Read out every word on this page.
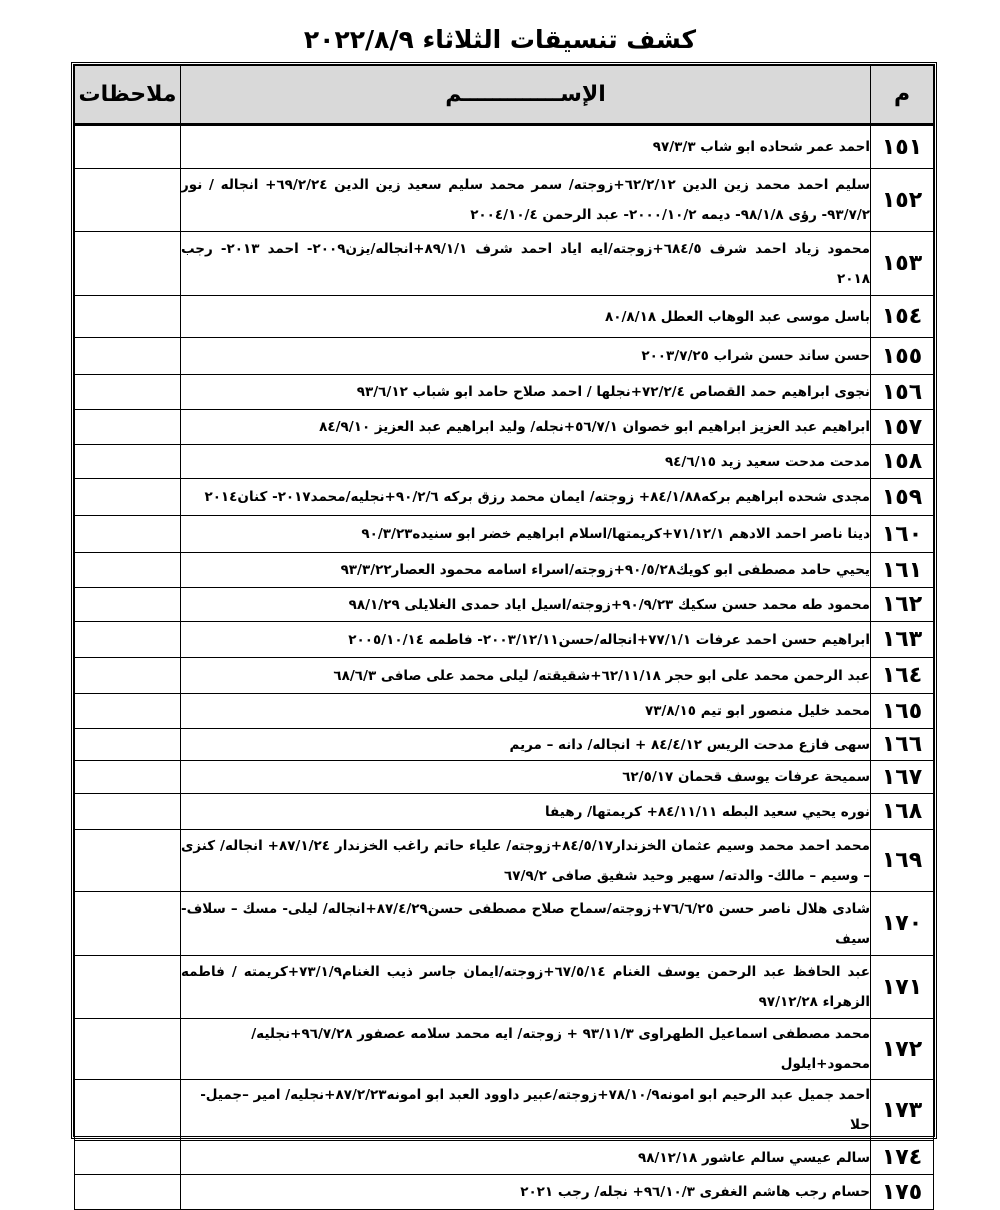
كشف تنسيقات الثلاثاء ٢٠٢٢/٨/٩
م	الإســـــــــــــم	ملاحظات
١٥١	احمد عمر شحاده ابو شاب ٩٧/٣/٣	
١٥٢	سليم احمد محمد زين الدين ٦٢/٢/١٢+زوجته/ سمر محمد سليم سعيد زين الدين ٦٩/٢/٢٤+ انجاله / نور ٩٣/٧/٢- رؤى ٩٨/١/٨- ديمه ٢٠٠٠/١٠/٢- عبد الرحمن ٢٠٠٤/١٠/٤	
١٥٣	محمود زياد احمد شرف ٦٨٤/٥+زوجته/ايه اياد احمد شرف ٨٩/١/١+انجاله/يزن٢٠٠٩- احمد ٢٠١٣- رجب ٢٠١٨	
١٥٤	باسل موسى عبد الوهاب العطل ٨٠/٨/١٨	
١٥٥	حسن ساند حسن شراب ٢٠٠٣/٧/٢٥	
١٥٦	نجوى ابراهيم حمد القصاص ٧٢/٢/٤+نجلها / احمد صلاح حامد ابو شباب ٩٣/٦/١٢	
١٥٧	ابراهيم عبد العزيز ابراهيم ابو خصوان ٥٦/٧/١+نجله/ وليد ابراهيم عبد العزيز ٨٤/٩/١٠	
١٥٨	مدحت مدحت سعيد زيد ٩٤/٦/١٥	
١٥٩	مجدى شحده ابراهيم بركه٨٤/١/٨٨+ زوجته/ ايمان محمد رزق بركه ٩٠/٢/٦+نجليه/محمد٢٠١٧- كنان٢٠١٤	
١٦٠	دينا ناصر احمد الادهم ٧١/١٢/١+كريمتها/اسلام ابراهيم خضر ابو سنيده٩٠/٣/٢٣	
١٦١	يحيي حامد مصطفى ابو كويك٩٠/٥/٢٨+زوجته/اسراء اسامه محمود العصار٩٣/٣/٢٢	
١٦٢	محمود طه محمد حسن سكيك ٩٠/٩/٢٣+زوجته/اسيل اياد حمدى الغلايلى ٩٨/١/٢٩	
١٦٣	ابراهيم حسن احمد عرفات ٧٧/١/١+انجاله/حسن٢٠٠٣/١٢/١١- فاطمه ٢٠٠٥/١٠/١٤	
١٦٤	عبد الرحمن محمد على ابو حجر ٦٢/١١/١٨+شقيقته/ ليلى محمد على صافى ٦٨/٦/٣	
١٦٥	محمد خليل منصور ابو تيم ٧٣/٨/١٥	
١٦٦	سهى فازع مدحت الريس ٨٤/٤/١٢ + انجاله/ دانه – مريم	
١٦٧	سميحة عرفات يوسف قحمان ٦٢/٥/١٧	
١٦٨	نوره يحيي سعيد البطه ٨٤/١١/١١+ كريمتها/ رهيفا	
١٦٩	محمد احمد محمد وسيم عثمان الخزندار٨٤/٥/١٧+زوجته/ علياء حاتم راغب الخزندار ٨٧/١/٢٤+ انجاله/ كنزى – وسيم – مالك- والدته/ سهير وحيد شفيق صافى ٦٧/٩/٢	
١٧٠	شادى هلال ناصر حسن ٧٦/٦/٢٥+زوجته/سماح صلاح مصطفى حسن٨٧/٤/٢٩+انجاله/ ليلى- مسك – سلاف- سيف	
١٧١	عبد الحافظ عبد الرحمن يوسف الغنام ٦٧/٥/١٤+زوجته/ايمان جاسر ذيب الغنام٧٣/١/٩+كريمته / فاطمه الزهراء ٩٧/١٢/٢٨	
١٧٢	محمد مصطفى اسماعيل الطهراوى ٩٣/١١/٣ + زوجته/ ايه محمد سلامه عصفور ٩٦/٧/٢٨+نجليه/محمود+ايلول	
١٧٣	احمد جميل عبد الرحيم ابو امونه٧٨/١٠/٩+زوجته/عبير داوود العبد ابو امونه٨٧/٢/٢٣+نجليه/ امير –جميل- حلا	
١٧٤	سالم عيسي سالم عاشور ٩٨/١٢/١٨	
١٧٥	حسام رجب هاشم الغفرى ٩٦/١٠/٣+ نجله/ رجب ٢٠٢١	
